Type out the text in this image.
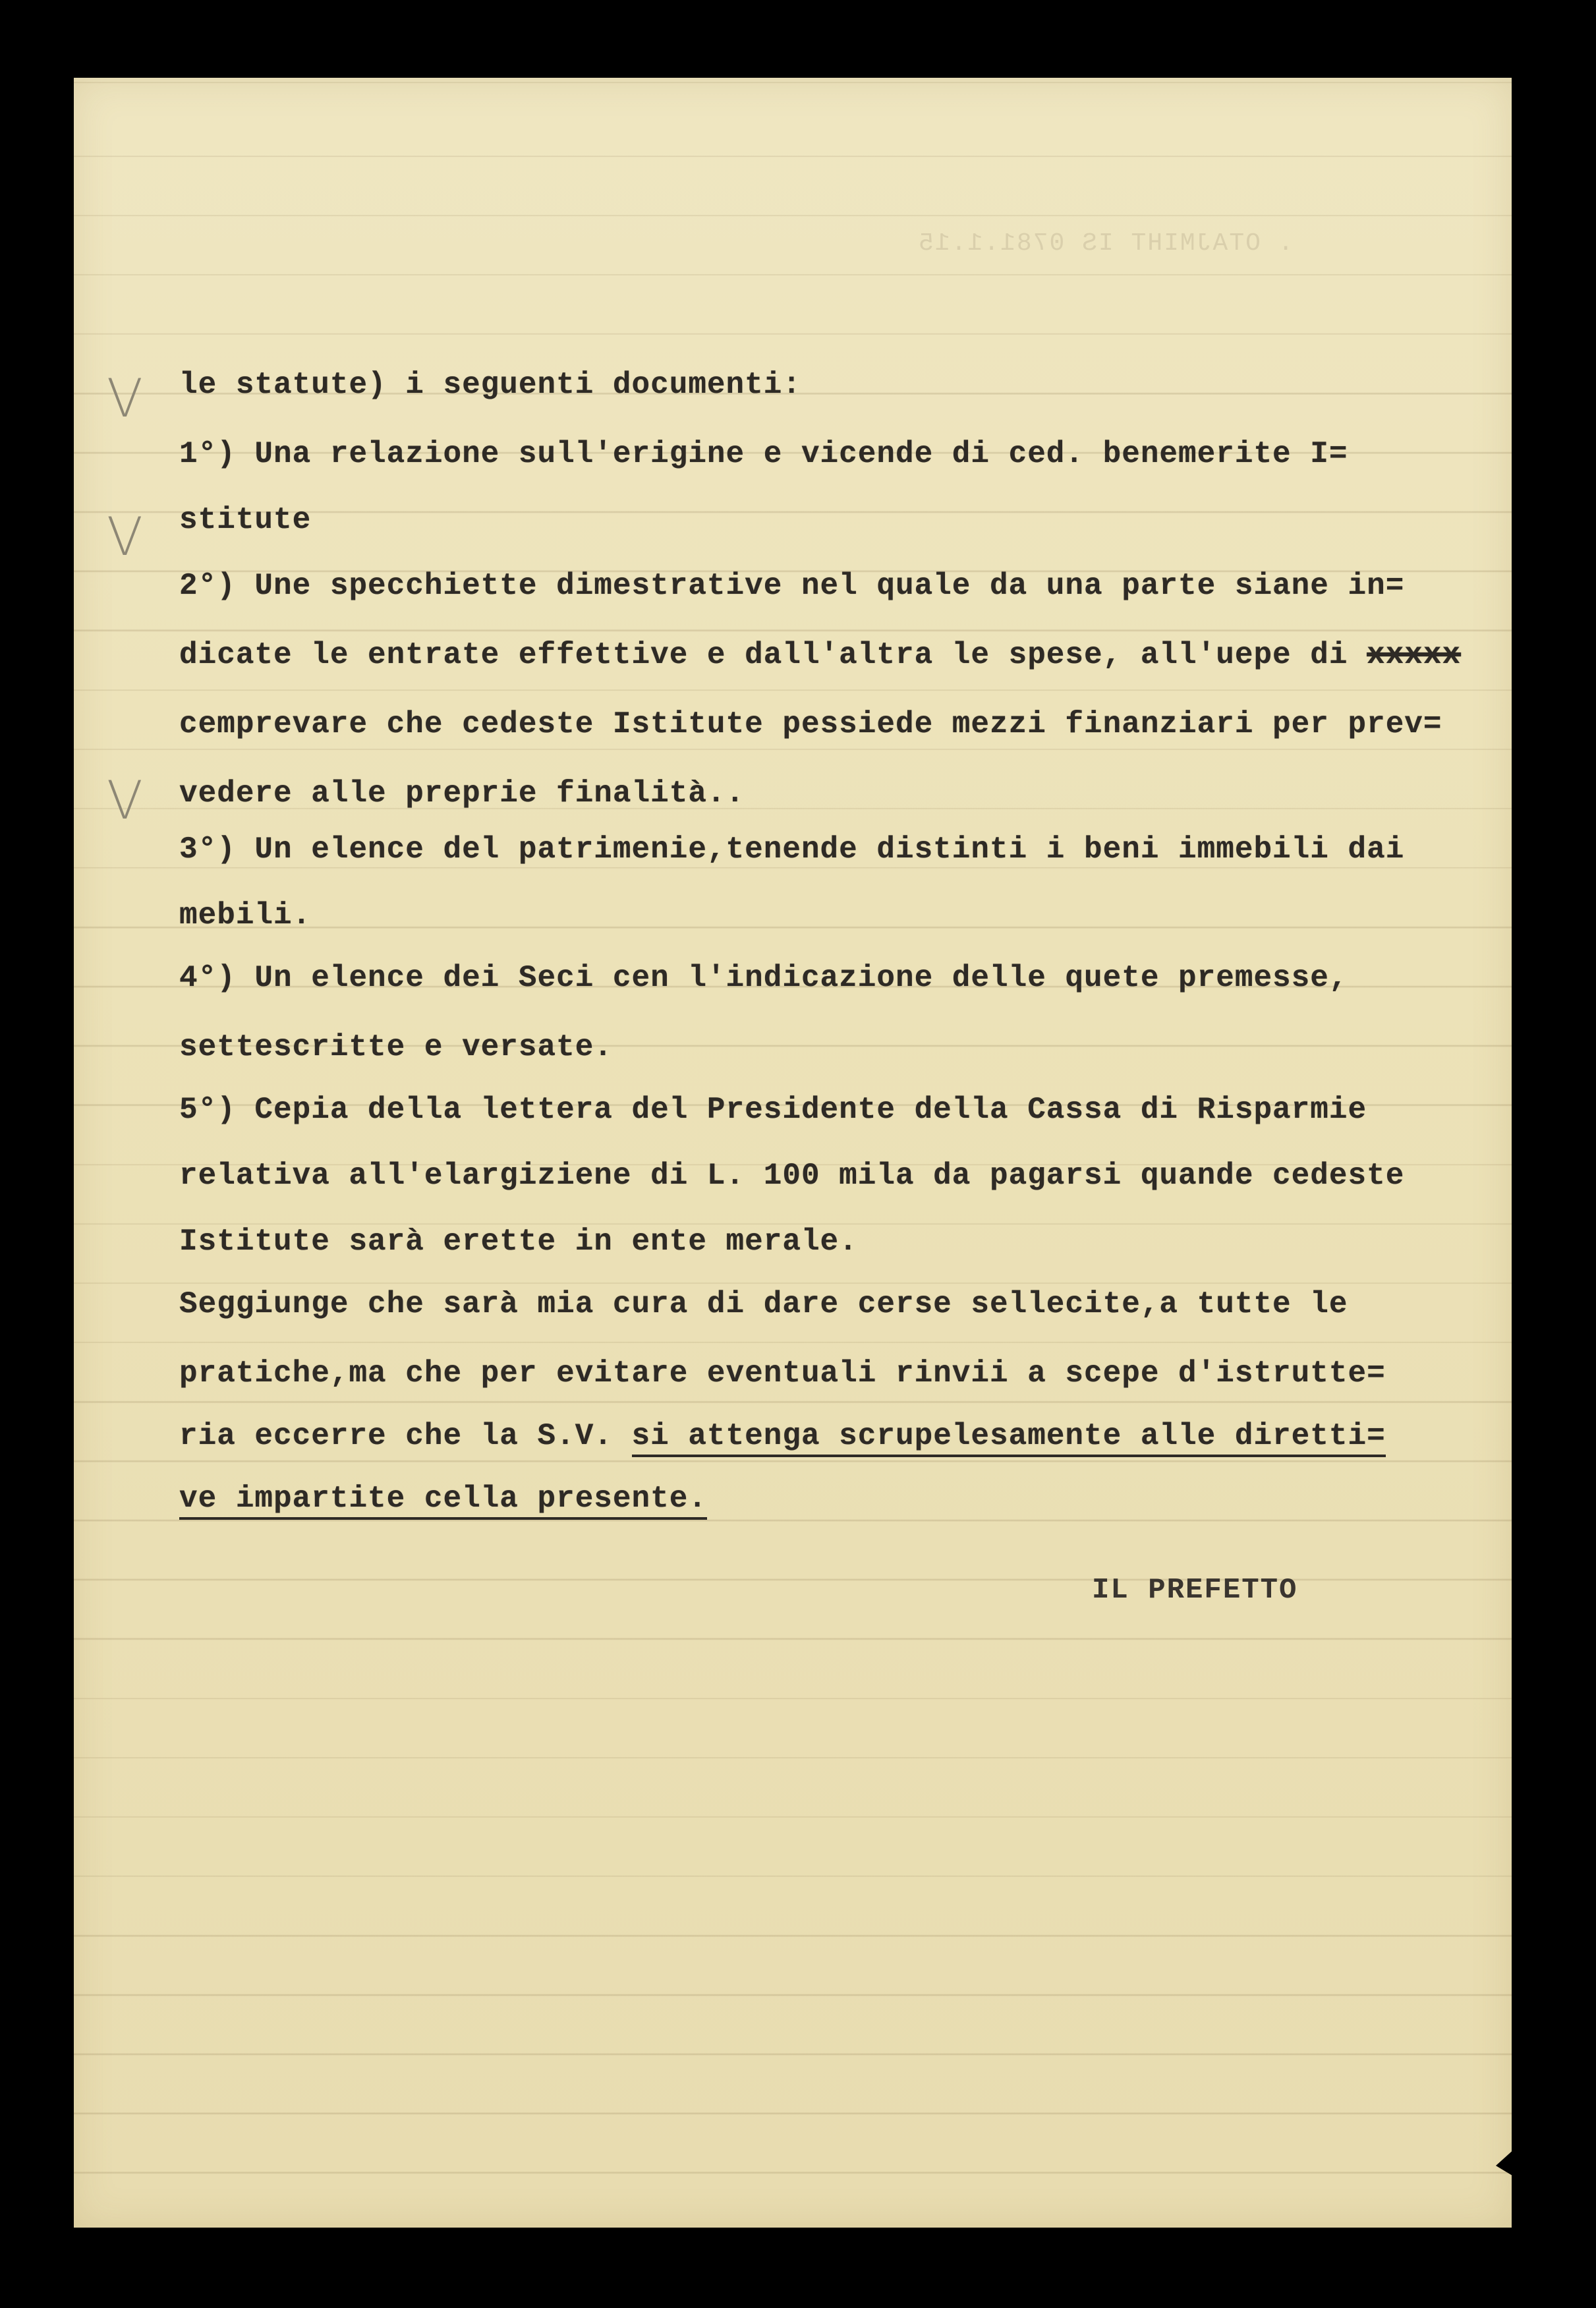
. OTAJMIHT IS 0781.1.15
V
V
V
le statute) i seguenti documenti:
1°) Una relazione sull'erigine e vicende di ced. benemerite I=
stitute
2°) Une specchiette dimestrative nel quale da una parte siane in=
dicate le entrate effettive e dall'altra le spese, all'uepe di xxxxx
cemprevare che cedeste Istitute pessiede mezzi finanziari per prev=
vedere alle preprie finalità..
3°) Un elence del patrimenie,tenende distinti i beni immebili dai
mebili.
4°) Un elence dei Seci cen l'indicazione delle quete premesse,
settescritte e versate.
5°) Cepia della lettera del Presidente della Cassa di Risparmie
relativa all'elargiziene di L. 100 mila da pagarsi quande cedeste
Istitute sarà erette in ente merale.
Seggiunge che sarà mia cura di dare cerse sellecite,a tutte le
pratiche,ma che per evitare eventuali rinvii a scepe d'istrutte=
ria eccerre che la S.V. si attenga scrupelesamente alle diretti=
ve impartite cella presente.
IL PREFETTO
